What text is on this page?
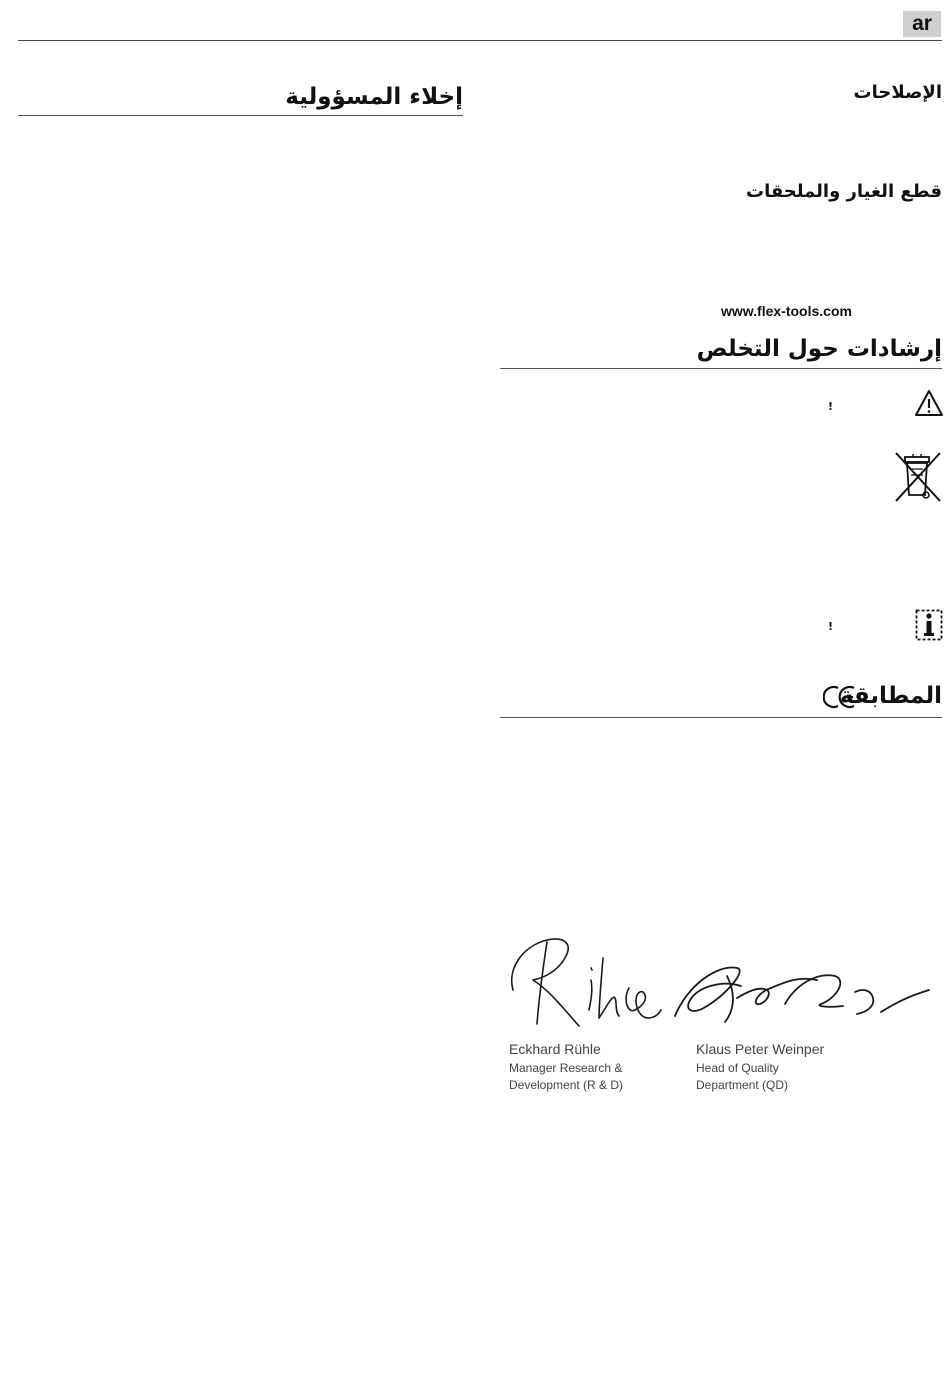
ar
إخلاء المسؤولية	الإصلاحات
قطع الغيار والملحقات
www.flex-tools.com
إرشادات حول التخلص
!
!
المطابقة
Eckhard Rühle
Manager Research &
Development (R & D)
Klaus Peter Weinper
Head of Quality
Department (QD)
